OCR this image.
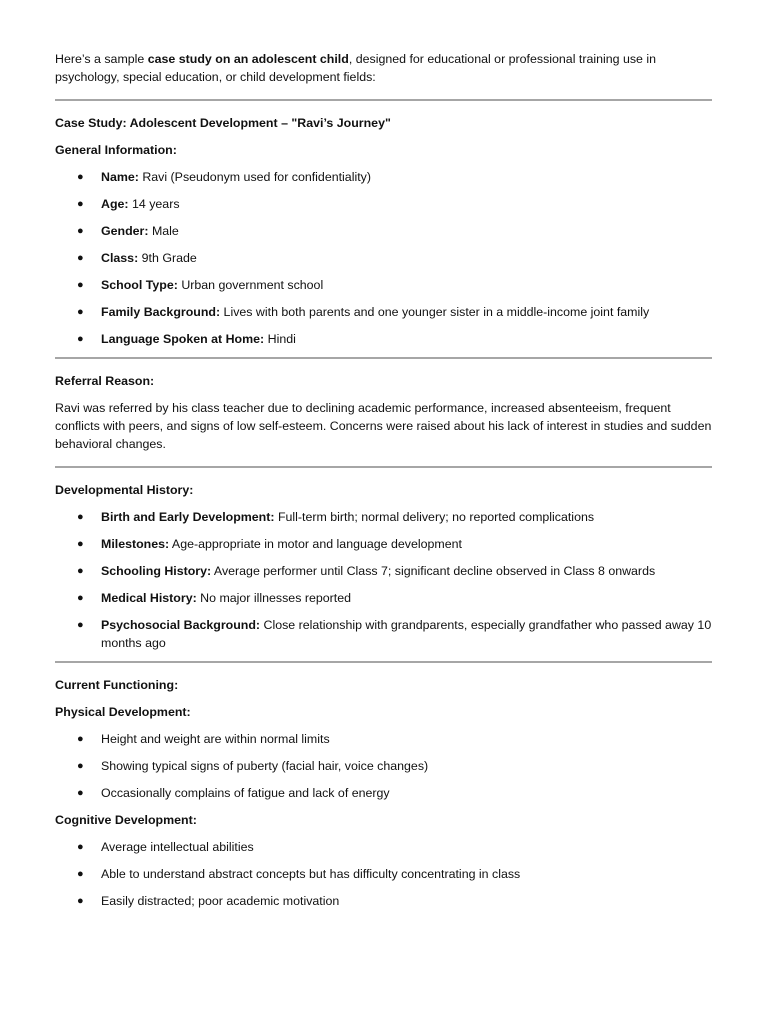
Here’s a sample case study on an adolescent child, designed for educational or professional training use in psychology, special education, or child development fields:

Case Study: Adolescent Development – "Ravi’s Journey"

General Information:

● Name: Ravi (Pseudonym used for confidentiality)
● Age: 14 years
● Gender: Male
● Class: 9th Grade
● School Type: Urban government school
● Family Background: Lives with both parents and one younger sister in a middle-income joint family
● Language Spoken at Home: Hindi

Referral Reason:

Ravi was referred by his class teacher due to declining academic performance, increased absenteeism, frequent conflicts with peers, and signs of low self-esteem. Concerns were raised about his lack of interest in studies and sudden behavioral changes.

Developmental History:

● Birth and Early Development: Full-term birth; normal delivery; no reported complications
● Milestones: Age-appropriate in motor and language development
● Schooling History: Average performer until Class 7; significant decline observed in Class 8 onwards
● Medical History: No major illnesses reported
● Psychosocial Background: Close relationship with grandparents, especially grandfather who passed away 10 months ago

Current Functioning:

Physical Development:

● Height and weight are within normal limits
● Showing typical signs of puberty (facial hair, voice changes)
● Occasionally complains of fatigue and lack of energy

Cognitive Development:

● Average intellectual abilities
● Able to understand abstract concepts but has difficulty concentrating in class
● Easily distracted; poor academic motivation
